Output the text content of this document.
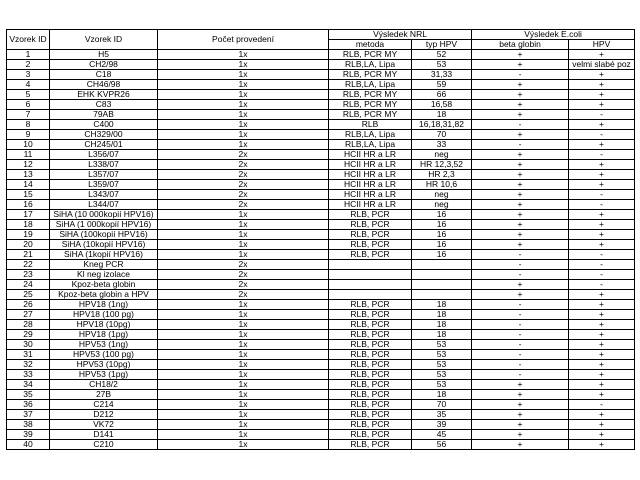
Vzorek ID	Vzorek ID	Počet provedení	Výsledek NRL		Výsledek E.coli	
			metoda	typ HPV	beta globin	HPV
1	H5	1x	RLB, PCR MY	52	+	+
2	CH2/98	1x	RLB,LA, Lipa	53	+	velmi slabé poz
3	C18	1x	RLB, PCR MY	31,33	-	+
4	CH46/98	1x	RLB,LA, Lipa	59	+	+
5	EHK KVPR26	1x	RLB, PCR MY	66	+	+
6	C83	1x	RLB, PCR MY	16,58	+	+
7	79AB	1x	RLB, PCR MY	18	+	-
8	C400	1x	RLB	16,18,31,82	-	+
9	CH329/00	1x	RLB,LA, Lipa	70	+	-
10	CH245/01	1x	RLB,LA, Lipa	33	-	+
11	L356/07	2x	HCII HR a LR	neg	+	-
12	L338/07	2x	HCII HR a LR	HR 12,3,52	+	+
13	L357/07	2x	HCII HR a LR	HR 2,3	+	+
14	L359/07	2x	HCII HR a LR	HR 10,6	+	+
15	L343/07	2x	HCII HR a LR	neg	+	-
16	L344/07	2x	HCII HR a LR	neg	+	-
17	SiHA (10 000kopií HPV16)	1x	RLB, PCR	16	+	+
18	SiHA (1 000kopií HPV16)	1x	RLB, PCR	16	+	+
19	SiHA (100kopií HPV16)	1x	RLB, PCR	16	+	+
20	SiHA (10kopií HPV16)	1x	RLB, PCR	16	+	+
21	SiHA (1kopií HPV16)	1x	RLB, PCR	16	-	-
22	Kneg PCR	2x			-	-
23	Kl neg izolace	2x			-	-
24	Kpoz-beta globin	2x			+	-
25	Kpoz-beta globin a HPV	2x			+	+
26	HPV18 (1ng)	1x	RLB, PCR	18	-	+
27	HPV18 (100 pg)	1x	RLB, PCR	18	-	+
28	HPV18 (10pg)	1x	RLB, PCR	18	-	+
29	HPV18 (1pg)	1x	RLB, PCR	18	-	+
30	HPV53 (1ng)	1x	RLB, PCR	53	-	+
31	HPV53 (100 pg)	1x	RLB, PCR	53	-	+
32	HPV53 (10pg)	1x	RLB, PCR	53	-	+
33	HPV53 (1pg)	1x	RLB, PCR	53	-	+
34	CH18/2	1x	RLB, PCR	53	+	+
35	27B	1x	RLB, PCR	18	+	+
36	C214	1x	RLB, PCR	70	+	-
37	D212	1x	RLB, PCR	35	+	+
38	VK72	1x	RLB, PCR	39	+	+
39	D141	1x	RLB, PCR	45	+	+
40	C210	1x	RLB, PCR	56	+	+
